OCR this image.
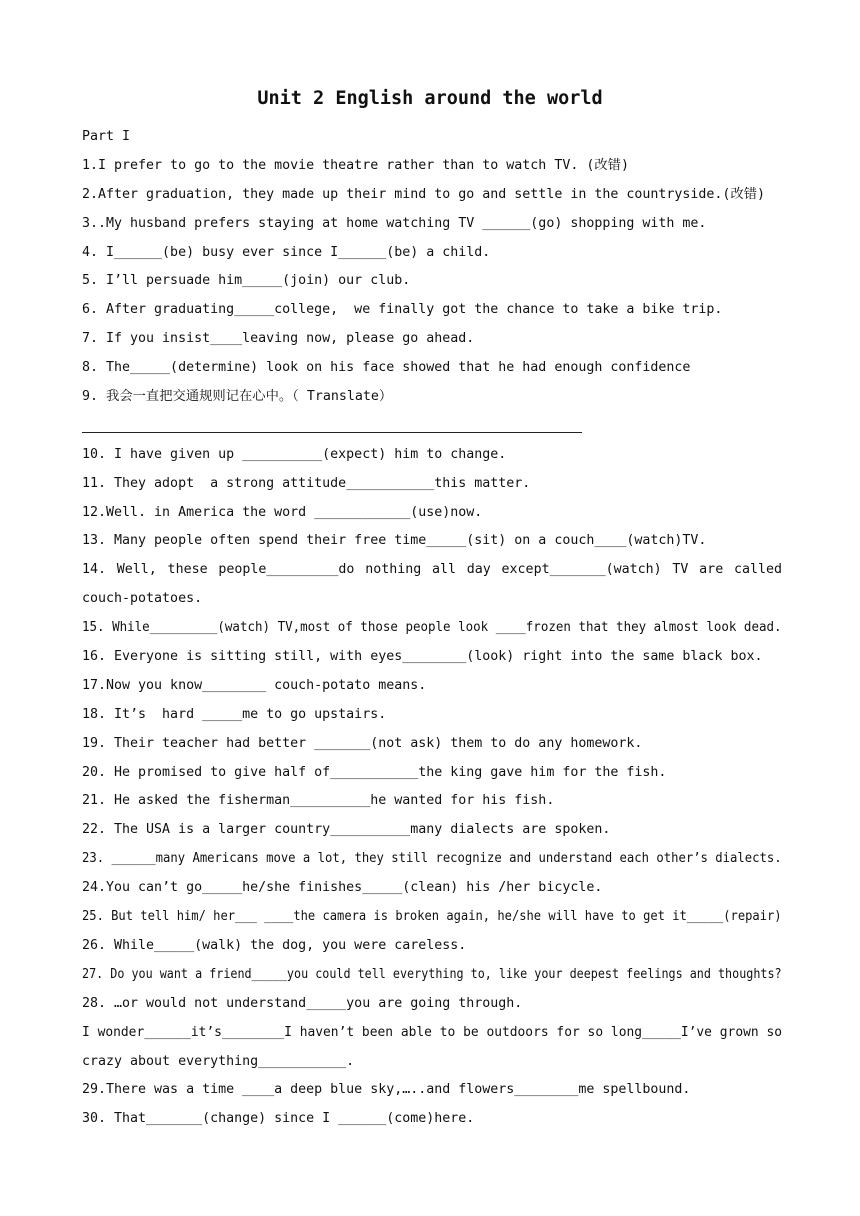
Unit 2 English around the world
Part I
1.I prefer to go to the movie theatre rather than to watch TV. (改错)
2.After graduation, they made up their mind to go and settle in the countryside.(改错)
3..My husband prefers staying at home watching TV ______(go) shopping with me.
4. I______(be) busy ever since I______(be) a child.
5. I’ll persuade him_____(join) our club.
6. After graduating_____college,  we finally got the chance to take a bike trip.
7. If you insist____leaving now, please go ahead.
8. The_____(determine) look on his face showed that he had enough confidence
9. 我会一直把交通规则记在心中。（ Translate）
10. I have given up __________(expect) him to change.
11. They adopt  a strong attitude___________this matter.
12.Well. in America the word ____________(use)now.
13. Many people often spend their free time_____(sit) on a couch____(watch)TV.
14. Well, these people_________do nothing all day except_______(watch) TV are called
couch-potatoes.
15. While_________(watch) TV,most of those people look ____frozen that they almost look dead.
16. Everyone is sitting still, with eyes________(look) right into the same black box.
17.Now you know________ couch-potato means.
18. It’s  hard _____me to go upstairs.
19. Their teacher had better _______(not ask) them to do any homework.
20. He promised to give half of___________the king gave him for the fish.
21. He asked the fisherman__________he wanted for his fish.
22. The USA is a larger country__________many dialects are spoken.
23. ______many Americans move a lot, they still recognize and understand each other’s dialects.
24.You can’t go_____he/she finishes_____(clean) his /her bicycle.
25. But tell him/ her___ ____the camera is broken again, he/she will have to get it_____(repair)
26. While_____(walk) the dog, you were careless.
27. Do you want a friend_____you could tell everything to, like your deepest feelings and thoughts?
28. …or would not understand_____you are going through.
I wonder______it’s________I haven’t been able to be outdoors for so long_____I’ve grown so
crazy about everything___________.
29.There was a time ____a deep blue sky,…..and flowers________me spellbound.
30. That_______(change) since I ______(come)here.
